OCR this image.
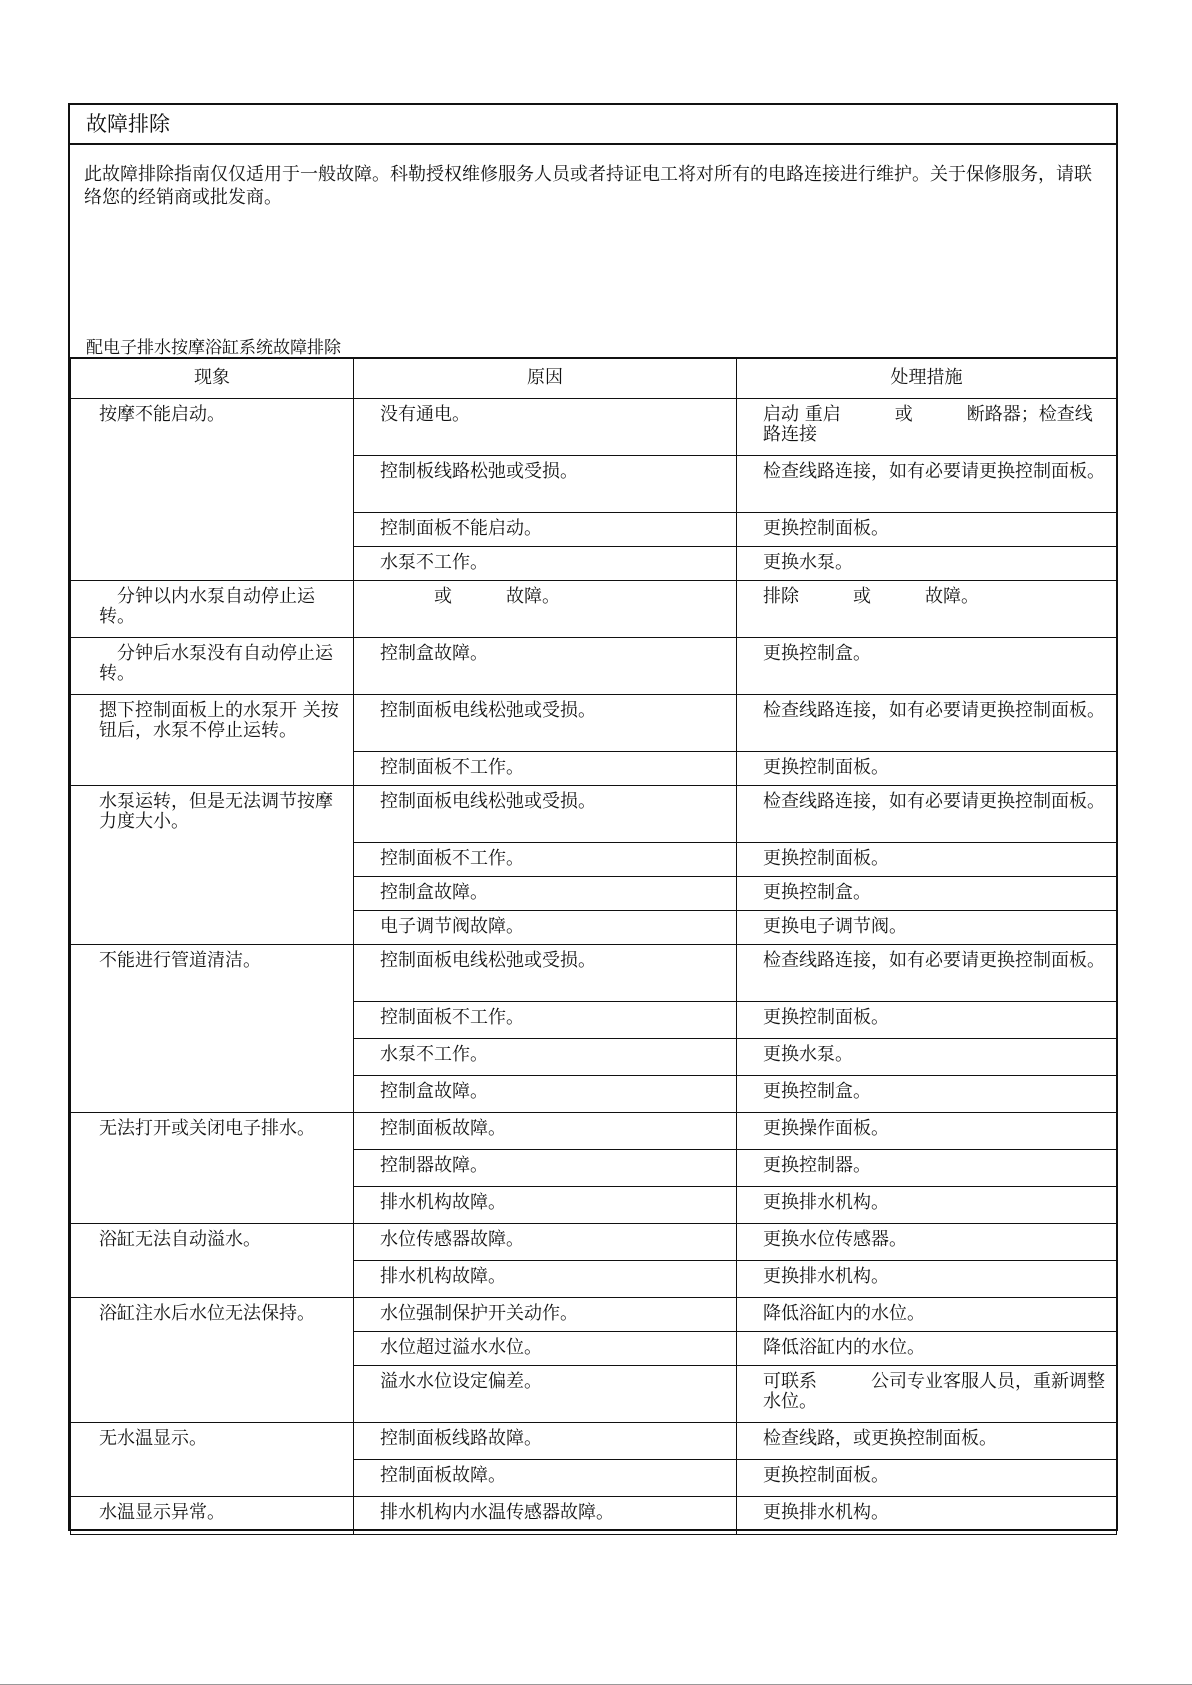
故障排除
此故障排除指南仅仅适用于一般故障。科勒授权维修服务人员或者持证电工将对所有的电路连接进行维护。关于保修服务，请联络您的经销商或批发商。
配电子排水按摩浴缸系统故障排除
现象	原因	处理措施
按摩不能启动。	没有通电。	启动 重启　　　或　　　断路器；检查线路连接
	控制板线路松弛或受损。	检查线路连接，如有必要请更换控制面板。
	控制面板不能启动。	更换控制面板。
	水泵不工作。	更换水泵。
　分钟以内水泵自动停止运转。	　　　或　　　故障。	排除　　　或　　　故障。
　分钟后水泵没有自动停止运转。	控制盒故障。	更换控制盒。
摁下控制面板上的水泵开 关按钮后，水泵不停止运转。	控制面板电线松弛或受损。	检查线路连接，如有必要请更换控制面板。
	控制面板不工作。	更换控制面板。
水泵运转，但是无法调节按摩力度大小。	控制面板电线松弛或受损。	检查线路连接，如有必要请更换控制面板。
	控制面板不工作。	更换控制面板。
	控制盒故障。	更换控制盒。
	电子调节阀故障。	更换电子调节阀。
不能进行管道清洁。	控制面板电线松弛或受损。	检查线路连接，如有必要请更换控制面板。
	控制面板不工作。	更换控制面板。
	水泵不工作。	更换水泵。
	控制盒故障。	更换控制盒。
无法打开或关闭电子排水。	控制面板故障。	更换操作面板。
	控制器故障。	更换控制器。
	排水机构故障。	更换排水机构。
浴缸无法自动溢水。	水位传感器故障。	更换水位传感器。
	排水机构故障。	更换排水机构。
浴缸注水后水位无法保持。	水位强制保护开关动作。	降低浴缸内的水位。
	水位超过溢水水位。	降低浴缸内的水位。
	溢水水位设定偏差。	可联系　　　公司专业客服人员，重新调整水位。
无水温显示。	控制面板线路故障。	检查线路，或更换控制面板。
	控制面板故障。	更换控制面板。
水温显示异常。	排水机构内水温传感器故障。	更换排水机构。
